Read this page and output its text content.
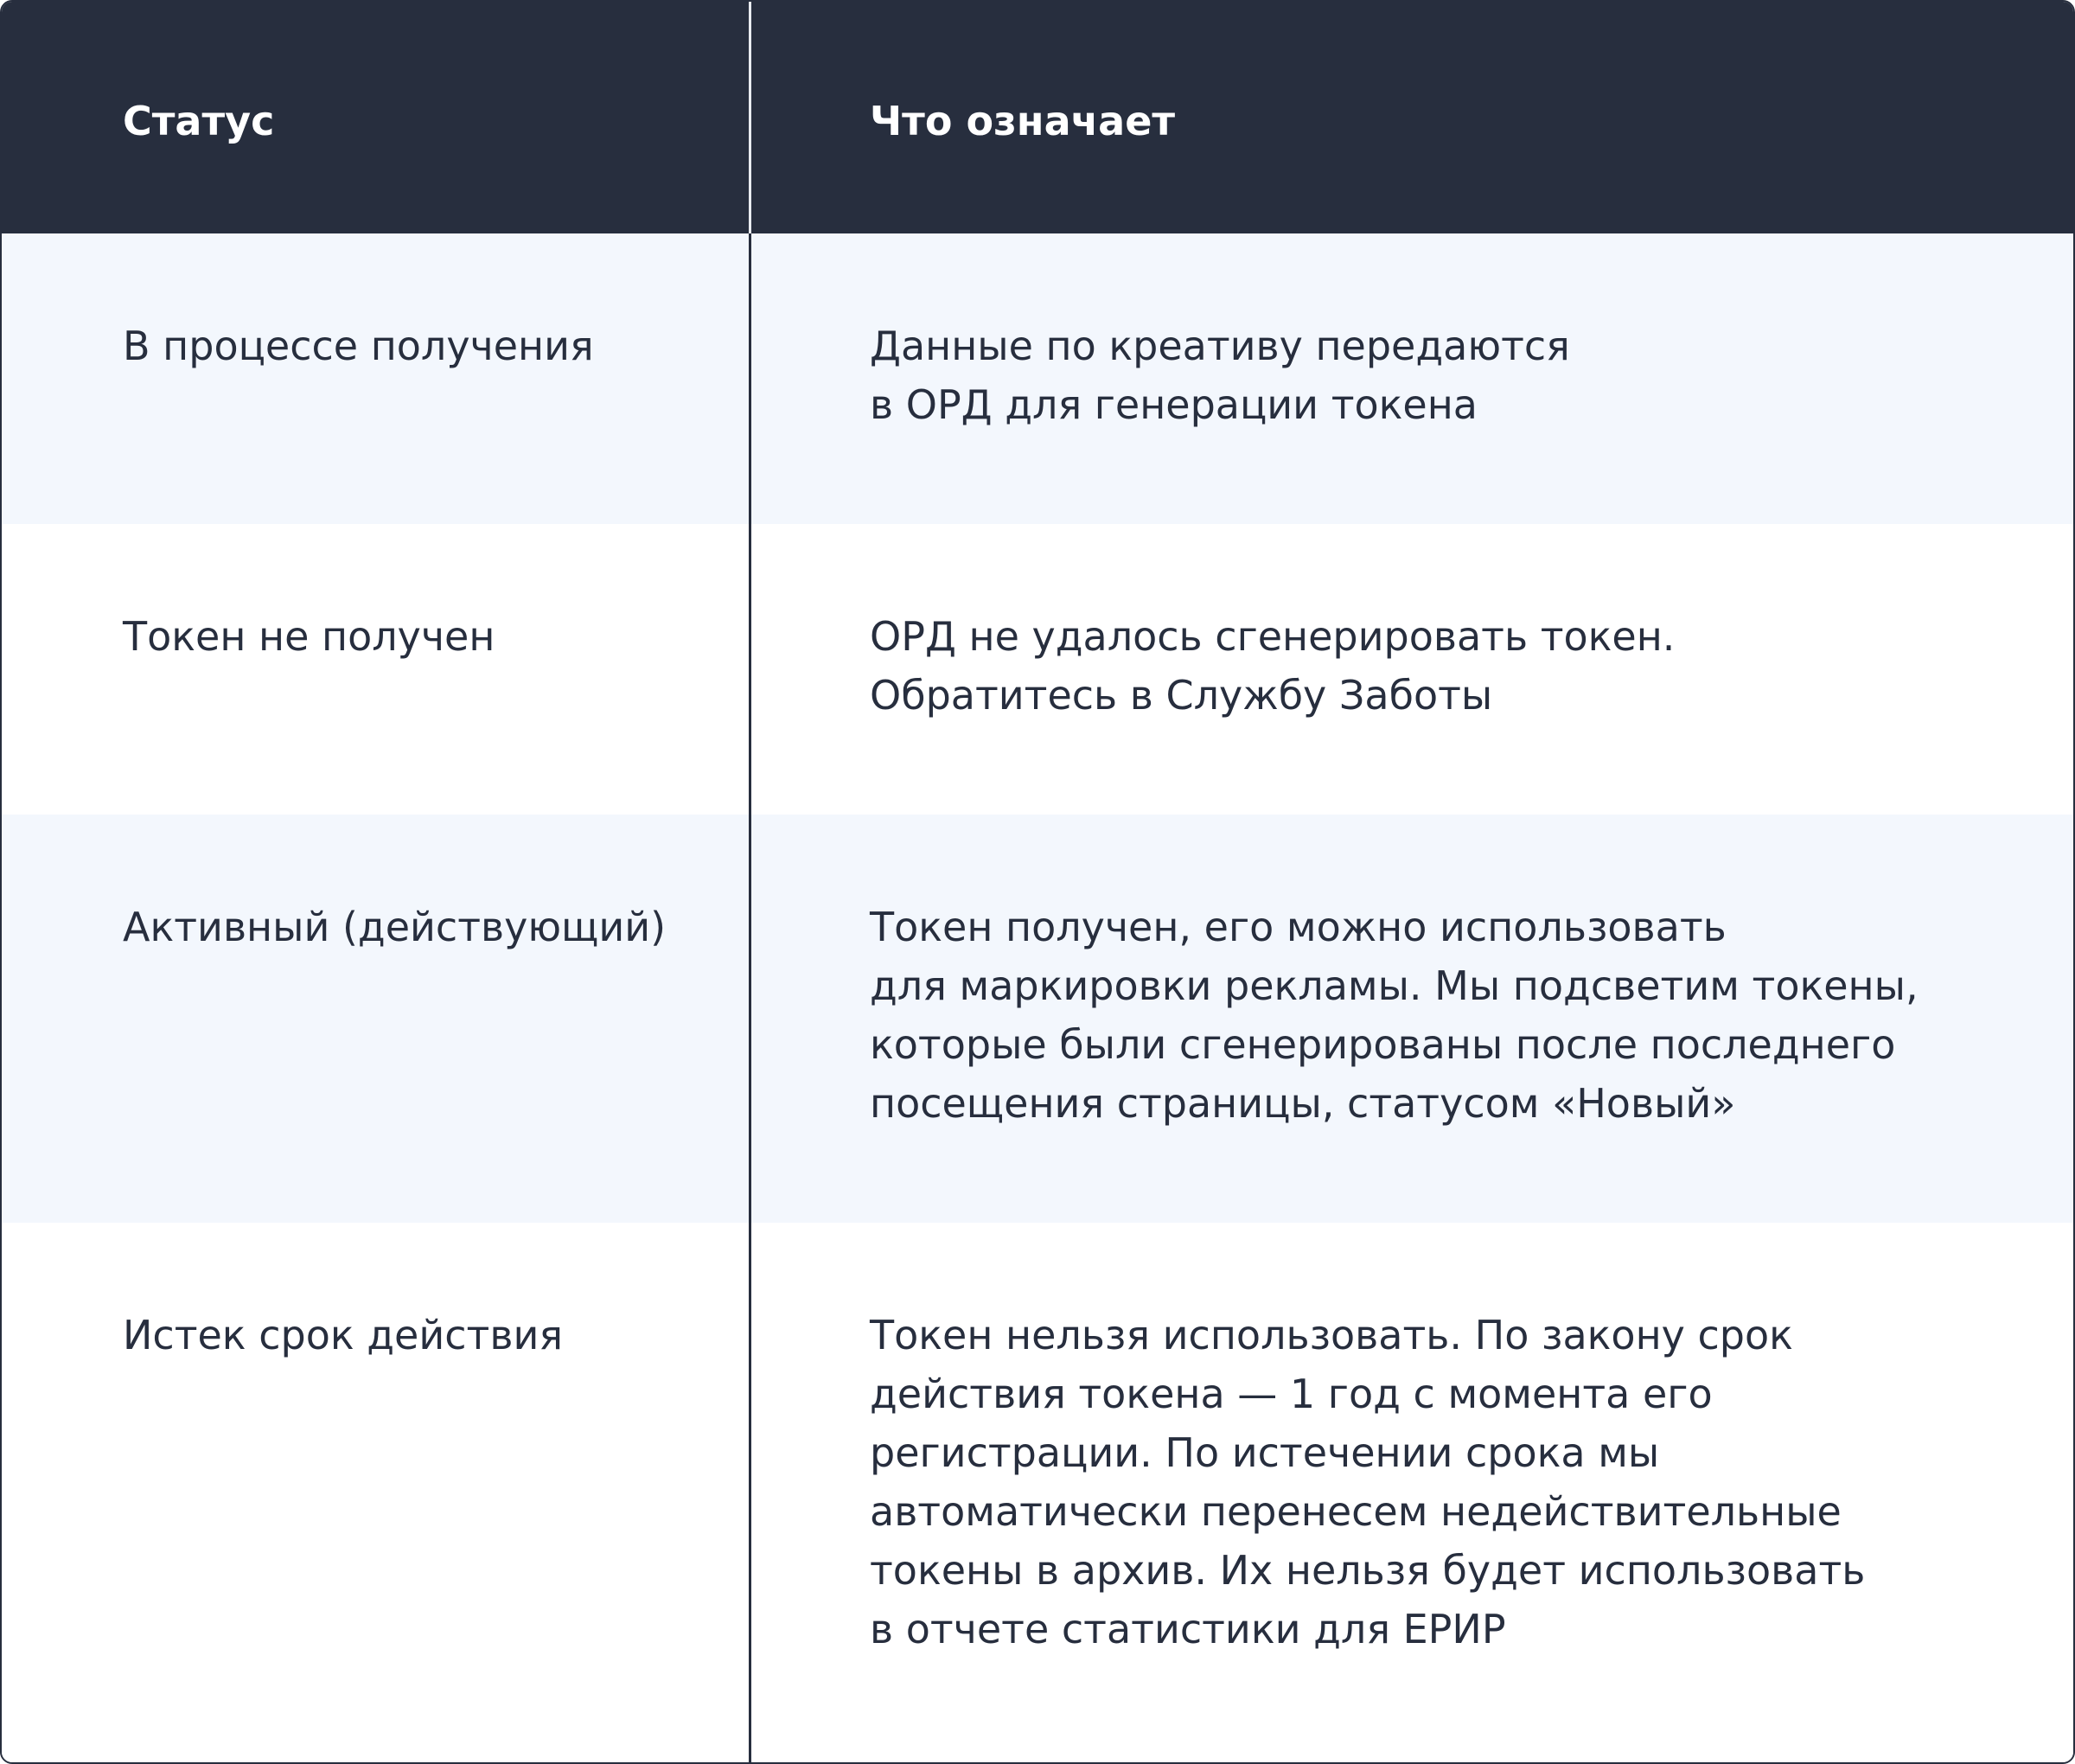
Статус	Что означает
В процессе получения	Данные по креативу передаются
в ОРД для генерации токена
Токен не получен	ОРД не удалось сгенерировать токен.
Обратитесь в Службу Заботы
Активный (действующий)	Токен получен, его можно использовать
для маркировки рекламы. Мы подсветим токены,
которые были сгенерированы после последнего
посещения страницы, статусом «Новый»
Истек срок действия	Токен нельзя использовать. По закону срок
действия токена — 1 год с момента его
регистрации. По истечении срока мы
автоматически перенесем недействительные
токены в архив. Их нельзя будет использовать
в отчете статистики для ЕРИР
